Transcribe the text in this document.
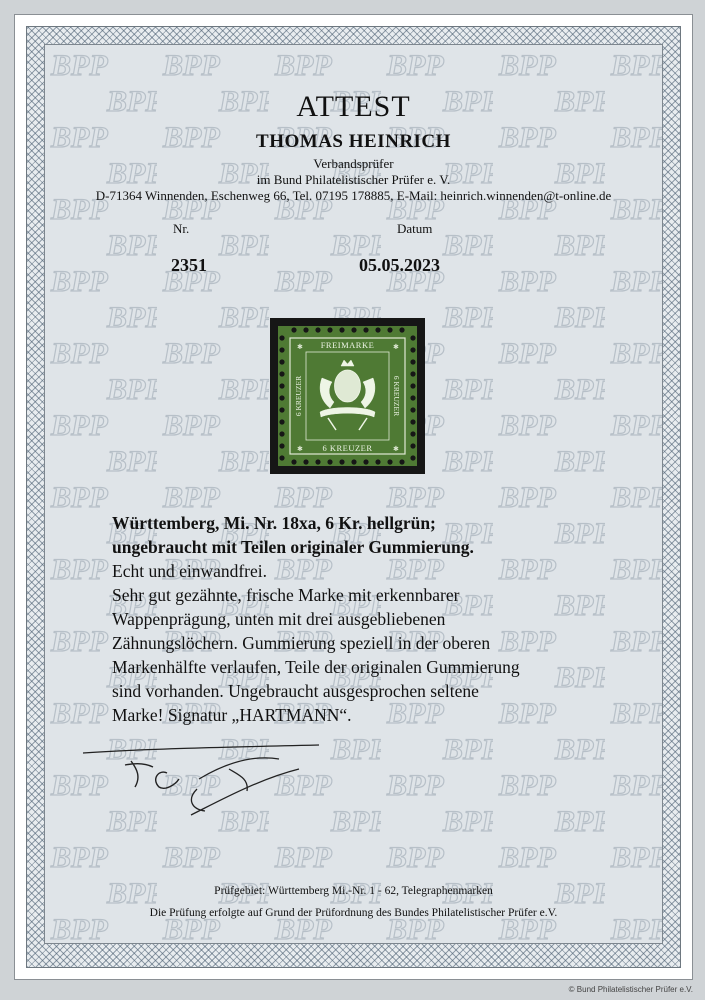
ATTEST
THOMAS HEINRICH
Verbandsprüfer
im Bund Philatelistischer Prüfer e. V.
D-71364 Winnenden, Eschenweg 66, Tel. 07195 178885, E-Mail: heinrich.winnenden@t-online.de
Nr.	Datum
2351	05.05.2023
✱	✱
✱	✱
FREIMARKE
6 KREUZER
6 KREUZER	6 KREUZER
Württemberg, Mi. Nr. 18xa, 6 Kr. hellgrün;
ungebraucht mit Teilen originaler Gummierung.
Echt und einwandfrei.
Sehr gut gezähnte, frische Marke mit erkennbarer
Wappenprägung, unten mit drei ausgebliebenen
Zähnungslöchern. Gummierung speziell in der oberen
Markenhälfte verlaufen, Teile der originalen Gummierung
sind vorhanden. Ungebraucht ausgesprochen seltene
Marke! Signatur „HARTMANN“.
Prüfgebiet: Württemberg Mi.-Nr. 1 - 62, Telegraphenmarken
Die Prüfung erfolgte auf Grund der Prüfordnung des Bundes Philatelistischer Prüfer e.V.
© Bund Philatelistischer Prüfer e.V.
